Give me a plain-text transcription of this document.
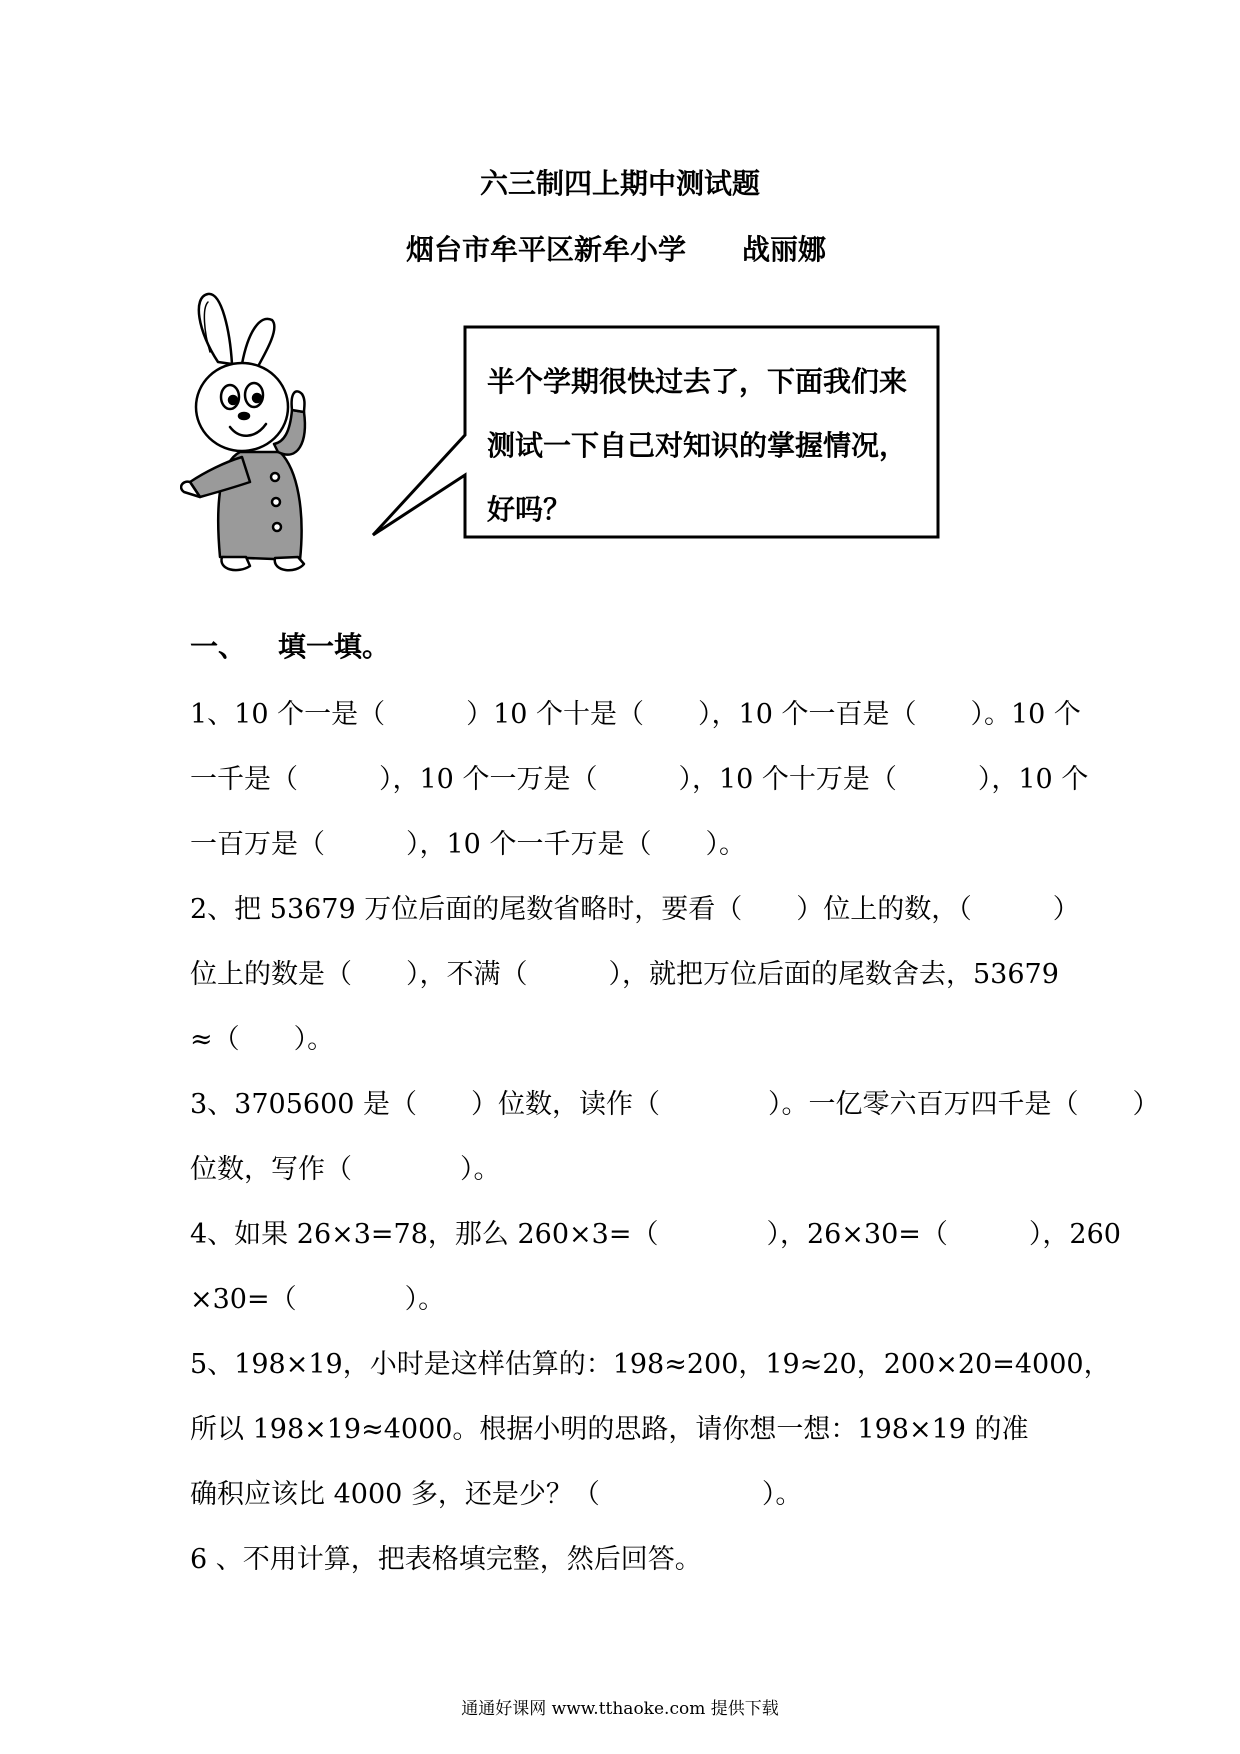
六三制四上期中测试题
烟台市牟平区新牟小学　　战丽娜
半个学期很快过去了，下面我们来
测试一下自己对知识的掌握情况，
好吗？
一、 填一填。
1、10 个一是（　　　）10 个十是（　　），10 个一百是（　　）。10 个
一千是（　　　），10 个一万是（　　　），10 个十万是（　　　），10 个
一百万是（　　　），10 个一千万是（　　）。
2、把 53679 万位后面的尾数省略时，要看（　　）位上的数，（　　　）
位上的数是（　　），不满（　　　），就把万位后面的尾数舍去，53679
≈（　　）。
3、3705600 是（　　）位数，读作（　　　　）。一亿零六百万四千是（　　）
位数，写作（　　　　）。
4、如果 26×3=78，那么 260×3=（　　　　），26×30=（　　　），260
×30=（　　　　）。
5、198×19，小时是这样估算的：198≈200，19≈20，200×20=4000，
所以 198×19≈4000。根据小明的思路，请你想一想：198×19 的准
确积应该比 4000 多，还是少？（　　　　　　）。
6 、不用计算，把表格填完整，然后回答。
通通好课网 www.tthaoke.com 提供下载
